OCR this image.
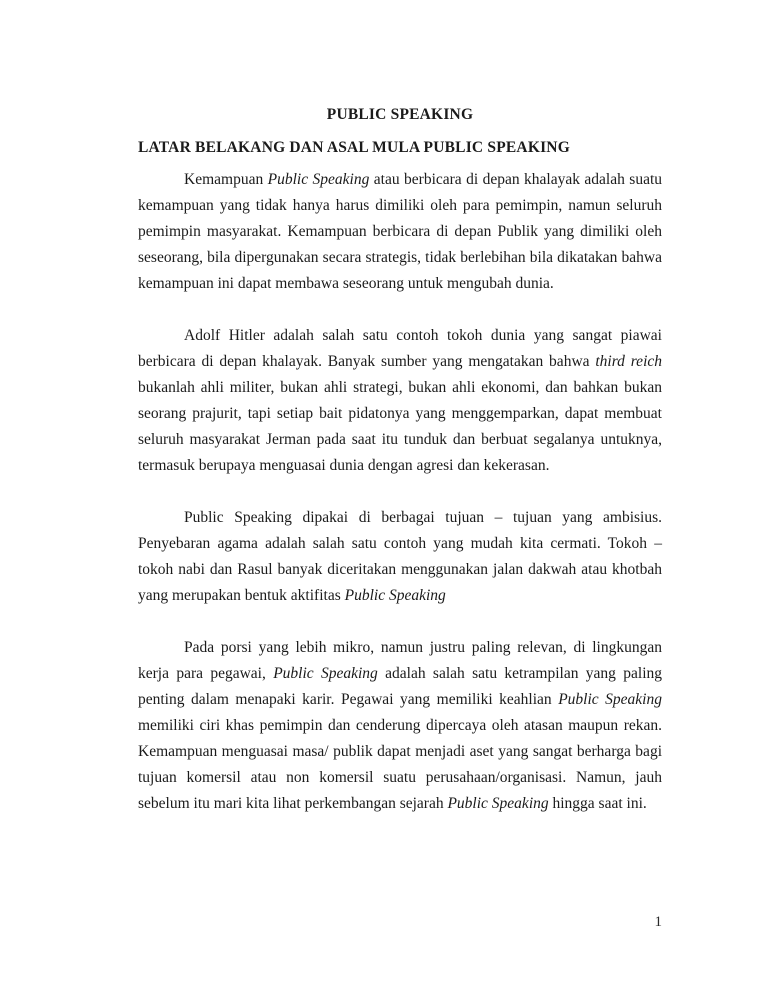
PUBLIC SPEAKING
LATAR BELAKANG DAN ASAL MULA PUBLIC SPEAKING

Kemampuan Public Speaking atau berbicara di depan khalayak adalah suatu kemampuan yang tidak hanya harus dimiliki oleh para pemimpin, namun seluruh pemimpin masyarakat. Kemampuan berbicara di depan Publik yang dimiliki oleh seseorang, bila dipergunakan secara strategis, tidak berlebihan bila dikatakan bahwa kemampuan ini dapat membawa seseorang untuk mengubah dunia.

Adolf Hitler adalah salah satu contoh tokoh dunia yang sangat piawai berbicara di depan khalayak. Banyak sumber yang mengatakan bahwa third reich bukanlah ahli militer, bukan ahli strategi, bukan ahli ekonomi, dan bahkan bukan seorang prajurit, tapi setiap bait pidatonya yang menggemparkan, dapat membuat seluruh masyarakat Jerman pada saat itu tunduk dan berbuat segalanya untuknya, termasuk berupaya menguasai dunia dengan agresi dan kekerasan.

Public Speaking dipakai di berbagai tujuan – tujuan yang ambisius. Penyebaran agama adalah salah satu contoh yang mudah kita cermati. Tokoh – tokoh nabi dan Rasul banyak diceritakan menggunakan jalan dakwah atau khotbah yang merupakan bentuk aktifitas Public Speaking

Pada porsi yang lebih mikro, namun justru paling relevan, di lingkungan kerja para pegawai, Public Speaking adalah salah satu ketrampilan yang paling penting dalam menapaki karir. Pegawai yang memiliki keahlian Public Speaking memiliki ciri khas pemimpin dan cenderung dipercaya oleh atasan maupun rekan. Kemampuan menguasai masa/ publik dapat menjadi aset yang sangat berharga bagi tujuan komersil atau non komersil suatu perusahaan/organisasi. Namun, jauh sebelum itu mari kita lihat perkembangan sejarah Public Speaking hingga saat ini.

1
